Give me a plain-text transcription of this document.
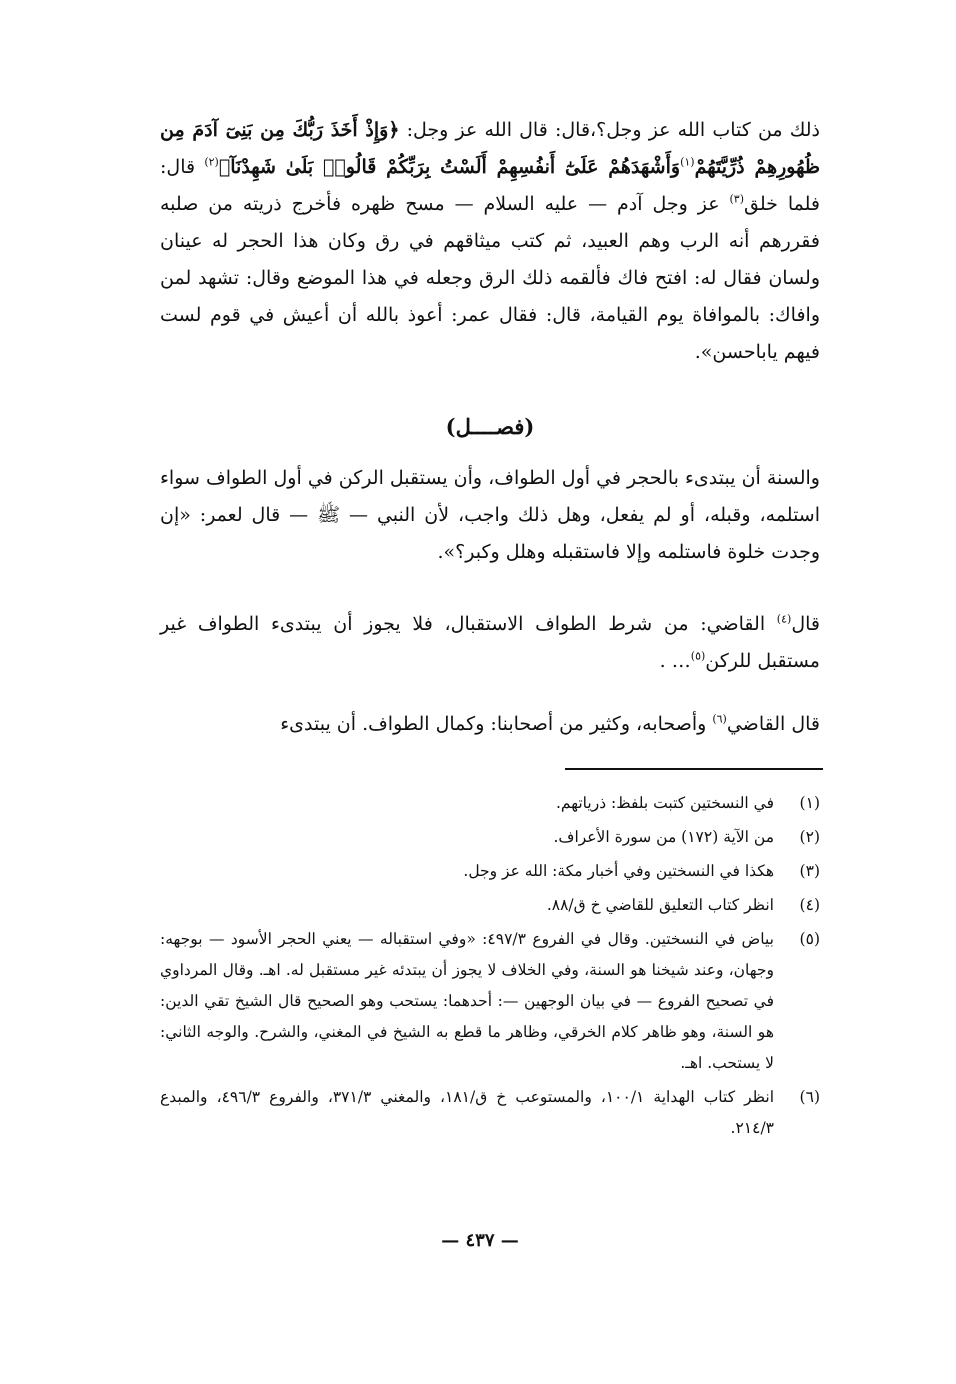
ذلك من كتاب الله عز وجل؟،قال: قال الله عز وجل: ﴿وَإِذْ أَخَذَ رَبُّكَ مِن بَنِىٓ آدَمَ مِن ظُهُورِهِمْ ذُرِّيَّتَهُمْ$^{(١)}$وَأَشْهَدَهُمْ عَلَىٰٓ أَنفُسِهِمْ أَلَسْتُ بِرَبِّكُمْ قَالُوا۟ بَلَىٰ شَهِدْنَآ﴾$^{(٢)}$ قال: فلما خلق$^{(٣)}$ عز وجل آدم — عليه السلام — مسح ظهره فأخرج ذريته من صلبه فقررهم أنه الرب وهم العبيد، ثم كتب ميثاقهم في رق وكان هذا الحجر له عينان ولسان فقال له: افتح فاك فألقمه ذلك الرق وجعله في هذا الموضع وقال: تشهد لمن وافاك: بالموافاة يوم القيامة، قال: فقال عمر: أعوذ بالله أن أعيش في قوم لست فيهم ياباحسن».
(فصــــل)
والسنة أن يبتدىء بالحجر في أول الطواف، وأن يستقبل الركن في أول الطواف سواء استلمه، وقبله، أو لم يفعل، وهل ذلك واجب، لأن النبي — ﷺ — قال لعمر: «إن وجدت خلوة فاستلمه وإلا فاستقبله وهلل وكبر؟».
قال$^{(٤)}$ القاضي: من شرط الطواف الاستقبال، فلا يجوز أن يبتدىء الطواف غير مستقبل للركن$^{(٥)}$… .
قال القاضي$^{(٦)}$ وأصحابه، وكثير من أصحابنا: وكمال الطواف. أن يبتدىء
(١)
في النسختين كتبت بلفظ: ذرياتهم.
(٢)
من الآية (١٧٢) من سورة الأعراف.
(٣)
هكذا في النسختين وفي أخبار مكة: الله عز وجل.
(٤)
انظر كتاب التعليق للقاضي خ ق/٨٨.
(٥)
بياض في النسختين. وقال في الفروع ٤٩٧/٣: «وفي استقباله — يعني الحجر الأسود — بوجهه: وجهان، وعند شيخنا هو السنة، وفي الخلاف لا يجوز أن يبتدئه غير مستقبل له. اهـ. وقال المرداوي في تصحيح الفروع — في بيان الوجهين —: أحدهما: يستحب وهو الصحيح قال الشيخ تقي الدين: هو السنة، وهو ظاهر كلام الخرقي، وظاهر ما قطع به الشيخ في المغني، والشرح. والوجه الثاني: لا يستحب. اهـ.
(٦)
انظر كتاب الهداية ١٠٠/١، والمستوعب خ ق/١٨١، والمغني ٣٧١/٣، والفروع ٤٩٦/٣، والمبدع ٢١٤/٣.
— ٤٣٧ —
